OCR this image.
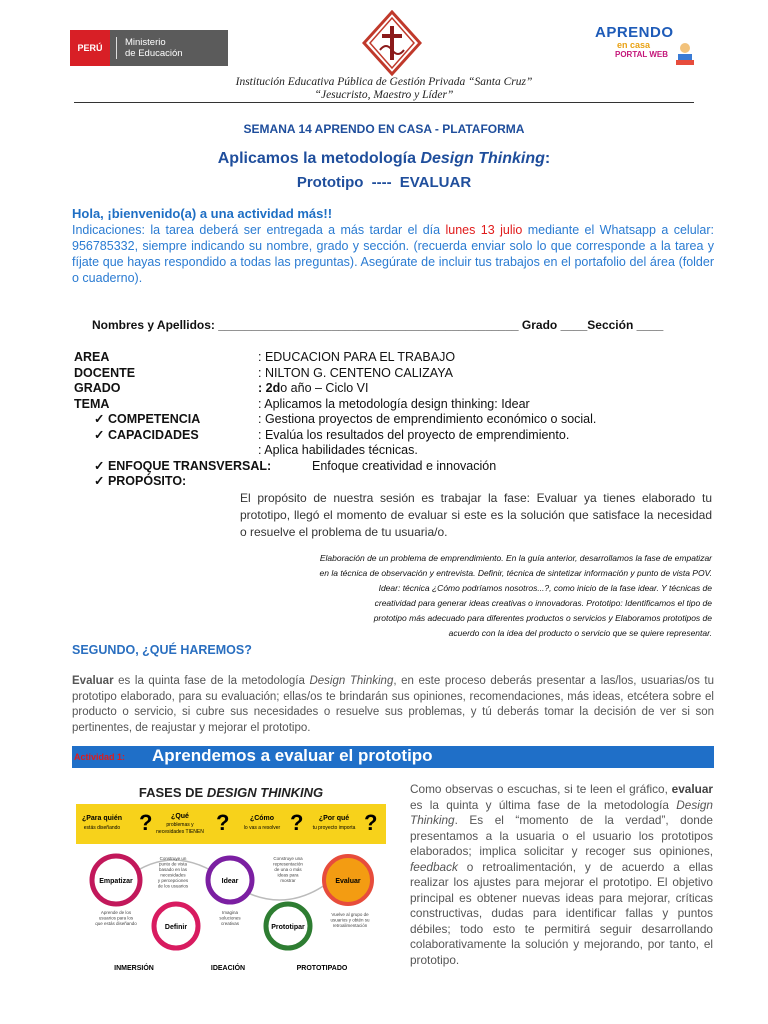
PERÚ	Ministerio
de Educación
APRENDO
en casa
PORTAL WEB
Institución Educativa Pública de Gestión Privada “Santa Cruz”
“Jesucristo, Maestro y Líder”
SEMANA 14 APRENDO EN CASA - PLATAFORMA
Aplicamos la metodología Design Thinking:
Prototipo ---- EVALUAR
Hola, ¡bienvenido(a) a una actividad más!!
Indicaciones: la tarea deberá ser entregada a más tardar el día lunes 13 julio mediante el Whatsapp a celular: 956785332, siempre indicando su nombre, grado y sección. (recuerda enviar solo lo que corresponde a la tarea y fíjate que hayas respondido a todas las preguntas). Asegúrate de incluir tus trabajos en el portafolio del área (folder o cuaderno).
Nombres y Apellidos: _____________________________________________ Grado ____Sección ____
AREA	: EDUCACION PARA EL TRABAJO
DOCENTE	: NILTON G. CENTENO CALIZAYA
GRADO	: 2do año – Ciclo VI
TEMA	: Aplicamos la metodología design thinking: Idear
✓ COMPETENCIA	: Gestiona proyectos de emprendimiento económico o social.
✓ CAPACIDADES	: Evalúa los resultados del proyecto de emprendimiento.
: Aplica habilidades técnicas.
✓ ENFOQUE TRANSVERSAL:	Enfoque creatividad e innovación
✓ PROPÓSITO:
El propósito de nuestra sesión es trabajar la fase: Evaluar ya tienes elaborado tu prototipo, llegó el momento de evaluar si este es la solución que satisface la necesidad o resuelve el problema de tu usuaria/o.
Elaboración de un problema de emprendimiento. En la guía anterior, desarrollamos la fase de empatizar
en la técnica de observación y entrevista. Definir, técnica de sintetizar información y punto de vista POV.
Idear: técnica ¿Cómo podríamos nosotros...?, como inicio de la fase idear. Y técnicas de
creatividad para generar ideas creativas o innovadoras. Prototipo: Identificamos el tipo de
prototipo más adecuado para diferentes productos o servicios y Elaboramos prototipos de
acuerdo con la idea del producto o servicio que se quiere representar.
SEGUNDO, ¿QUÉ HAREMOS?
Evaluar es la quinta fase de la metodología Design Thinking, en este proceso deberás presentar a las/los, usuarias/os tu prototipo elaborado, para su evaluación; ellas/os te brindarán sus opiniones, recomendaciones, más ideas, etcétera sobre el producto o servicio, si cubre sus necesidades o resuelve sus problemas, y tú deberás tomar la decisión de ver si son pertinentes, de reajustar y mejorar el prototipo.
Actividad 1: Aprendemos a evaluar el prototipo
FASES DE DESIGN THINKING
¿Para quién
estás diseñando ?	¿Qué
problemas y
necesidades TIENEN ?	¿Cómo
lo vas a resolver ? ¿Por qué
tu proyecto importa ?
Empatizar
Definir
Idear
Prototipar
Evaluar
Construye un
punto de vista
basado en las
necesidades
y percepciones
de los usuarios
Construye una
representación
de una o más
ideas para
mostrar
Aprende de los
usuarios para los
que estás diseñando
Imagina
soluciones
creativas
Vuelve al grupo de
usuarios y obtén su
retroalimentación
INMERSIÓN	IDEACIÓN	PROTOTIPADO
Como observas o escuchas, si te leen el gráfico, evaluar es la quinta y última fase de la metodología Design Thinking. Es el “momento de la verdad”, donde presentamos a la usuaria o el usuario los prototipos elaborados; implica solicitar y recoger sus opiniones, feedback o retroalimentación, y de acuerdo a ellas realizar los ajustes para mejorar el prototipo. El objetivo principal es obtener nuevas ideas para mejorar, críticas constructivas, dudas para identificar fallas y puntos débiles; todo esto te permitirá seguir desarrollando colaborativamente la solución y mejorando, por tanto, el prototipo.
